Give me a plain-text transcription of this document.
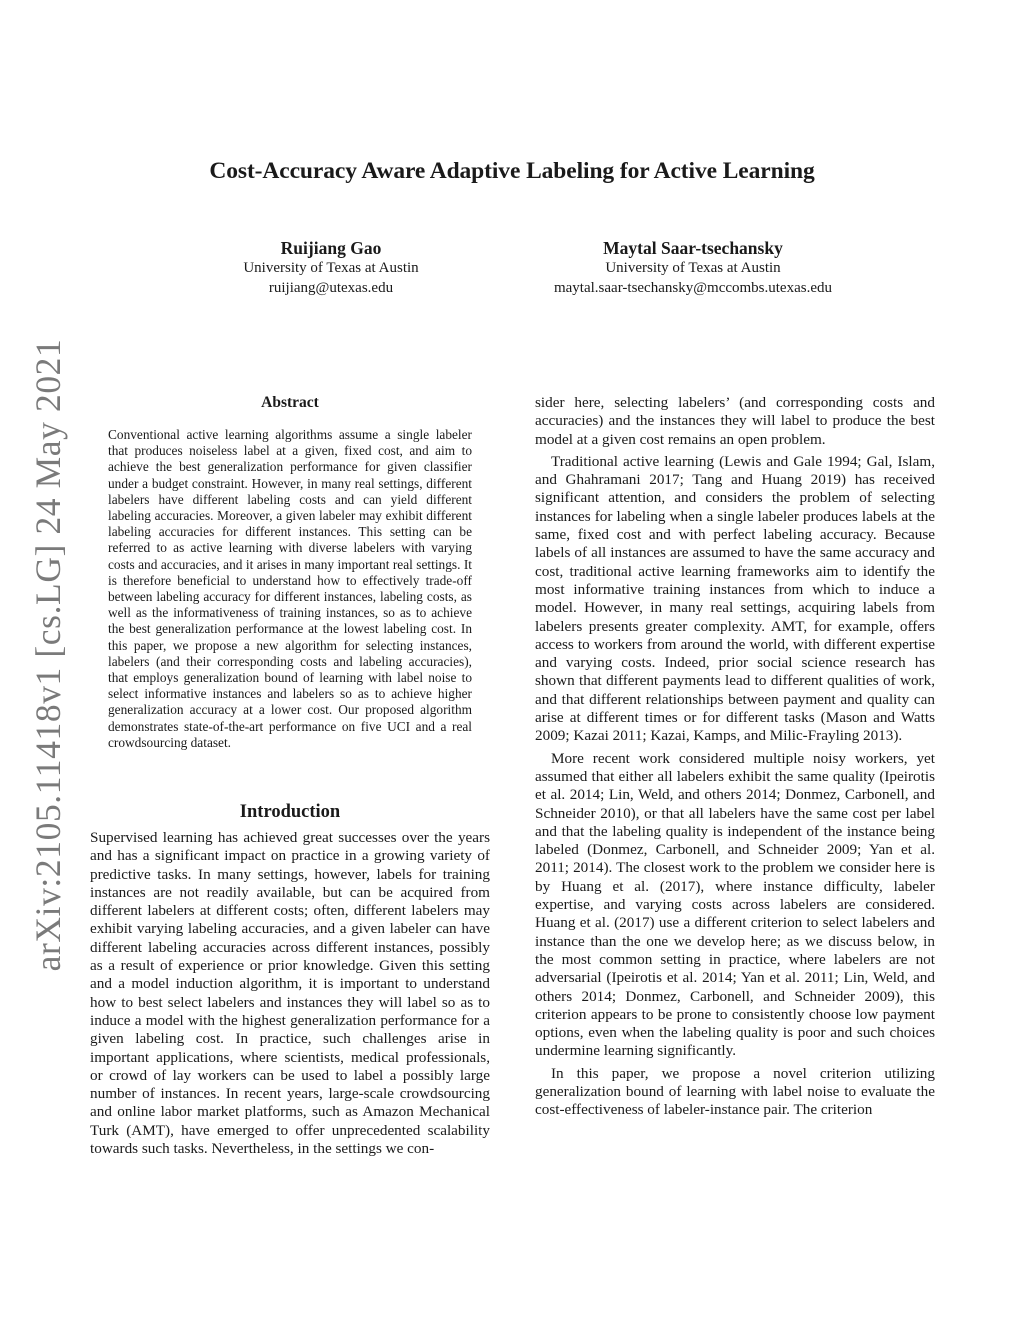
Cost-Accuracy Aware Adaptive Labeling for Active Learning
Ruijiang Gao
University of Texas at Austin
ruijiang@utexas.edu
Maytal Saar-tsechansky
University of Texas at Austin
maytal.saar-tsechansky@mccombs.utexas.edu
arXiv:2105.11418v1 [cs.LG] 24 May 2021	Abstract

Conventional active learning algorithms assume a single labeler that produces noiseless label at a given, fixed cost, and aim to achieve the best generalization performance for given classifier under a budget constraint. However, in many real settings, different labelers have different labeling costs and can yield different labeling accuracies. Moreover, a given labeler may exhibit different labeling accuracies for different instances. This setting can be referred to as active learning with diverse labelers with varying costs and accuracies, and it arises in many important real settings. It is therefore beneficial to understand how to effectively trade-off between labeling accuracy for different instances, labeling costs, as well as the informativeness of training instances, so as to achieve the best generalization performance at the lowest labeling cost. In this paper, we propose a new algorithm for selecting instances, labelers (and their corresponding costs and labeling accuracies), that employs generalization bound of learning with label noise to select informative instances and labelers so as to achieve higher generalization accuracy at a lower cost. Our proposed algorithm demonstrates state-of-the-art performance on five UCI and a real crowdsourcing dataset.

Introduction

Supervised learning has achieved great successes over the years and has a significant impact on practice in a growing variety of predictive tasks. In many settings, however, labels for training instances are not readily available, but can be acquired from different labelers at different costs; often, different labelers may exhibit varying labeling accuracies, and a given labeler can have different labeling accuracies across different instances, possibly as a result of experience or prior knowledge. Given this setting and a model induction algorithm, it is important to understand how to best select labelers and instances they will label so as to induce a model with the highest generalization performance for a given labeling cost. In practice, such challenges arise in important applications, where scientists, medical professionals, or crowd of lay workers can be used to label a possibly large number of instances. In recent years, large-scale crowdsourcing and online labor market platforms, such as Amazon Mechanical Turk (AMT), have emerged to offer unprecedented scalability towards such tasks. Nevertheless, in the settings we con-

sider here, selecting labelers’ (and corresponding costs and accuracies) and the instances they will label to produce the best model at a given cost remains an open problem.

Traditional active learning (Lewis and Gale 1994; Gal, Islam, and Ghahramani 2017; Tang and Huang 2019) has received significant attention, and considers the problem of selecting instances for labeling when a single labeler produces labels at the same, fixed cost and with perfect labeling accuracy. Because labels of all instances are assumed to have the same accuracy and cost, traditional active learning frameworks aim to identify the most informative training instances from which to induce a model. However, in many real settings, acquiring labels from labelers presents greater complexity. AMT, for example, offers access to workers from around the world, with different expertise and varying costs. Indeed, prior social science research has shown that different payments lead to different qualities of work, and that different relationships between payment and quality can arise at different times or for different tasks (Mason and Watts 2009; Kazai 2011; Kazai, Kamps, and Milic-Frayling 2013).

More recent work considered multiple noisy workers, yet assumed that either all labelers exhibit the same quality (Ipeirotis et al. 2014; Lin, Weld, and others 2014; Donmez, Carbonell, and Schneider 2010), or that all labelers have the same cost per label and that the labeling quality is independent of the instance being labeled (Donmez, Carbonell, and Schneider 2009; Yan et al. 2011; 2014). The closest work to the problem we consider here is by Huang et al. (2017), where instance difficulty, labeler expertise, and varying costs across labelers are considered. Huang et al. (2017) use a different criterion to select labelers and instance than the one we develop here; as we discuss below, in the most common setting in practice, where labelers are not adversarial (Ipeirotis et al. 2014; Yan et al. 2011; Lin, Weld, and others 2014; Donmez, Carbonell, and Schneider 2009), this criterion appears to be prone to consistently choose low payment options, even when the labeling quality is poor and such choices undermine learning significantly.

In this paper, we propose a novel criterion utilizing generalization bound of learning with label noise to evaluate the cost-effectiveness of labeler-instance pair. The criterion
